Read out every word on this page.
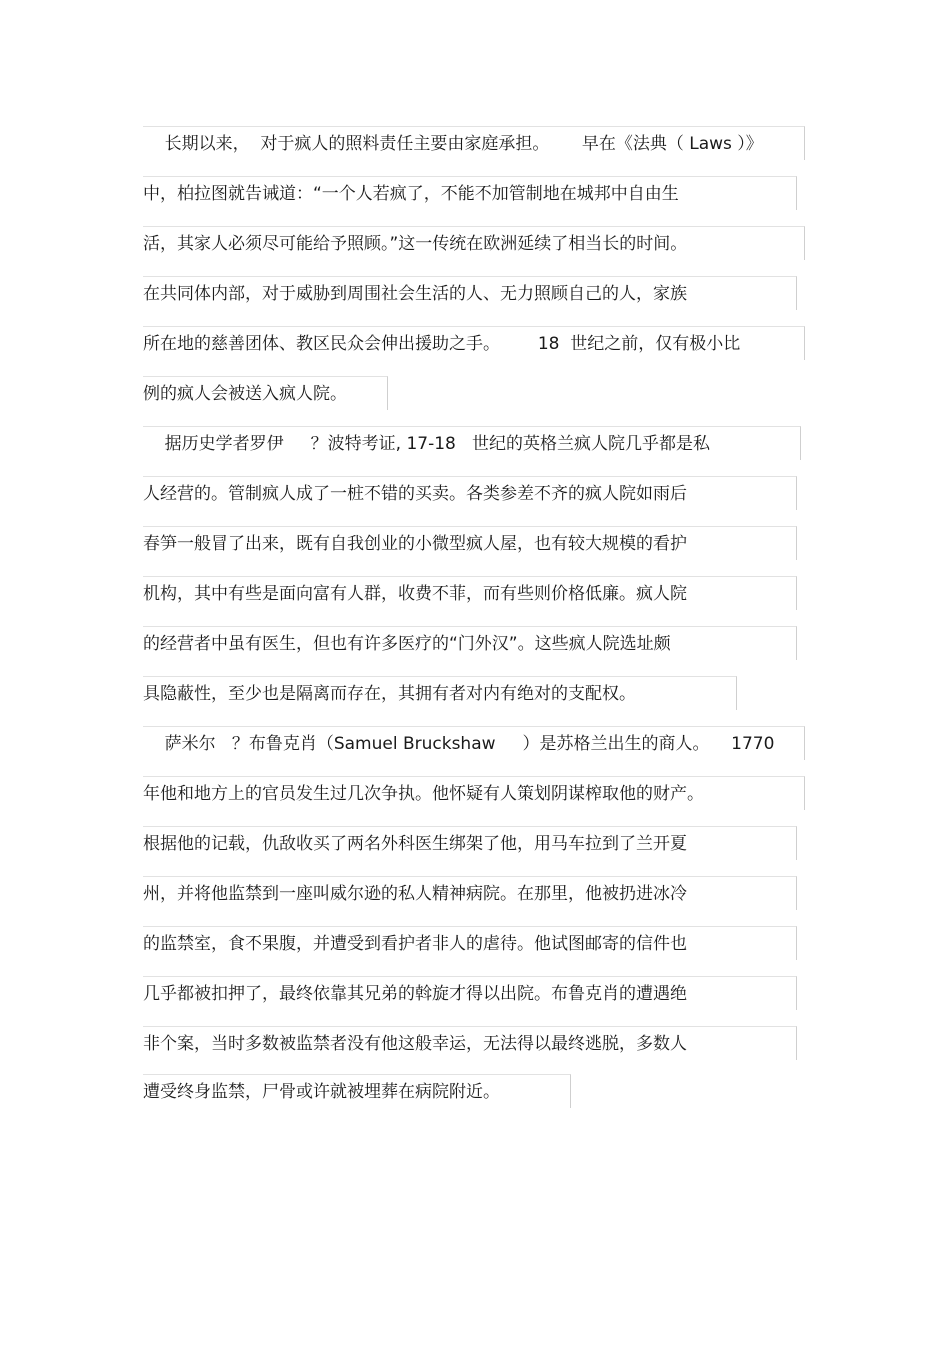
长期以来，  对于疯人的照料责任主要由家庭承担。      早在《法典（ Laws ）》
中，柏拉图就告诫道：“一个人若疯了，不能不加管制地在城邦中自由生
活，其家人必须尽可能给予照顾。”这一传统在欧洲延续了相当长的时间。
在共同体内部，对于威胁到周围社会生活的人、无力照顾自己的人，家族
所在地的慈善团体、教区民众会伸出援助之手。       18  世纪之前，仅有极小比
例的疯人会被送入疯人院。
据历史学者罗伊     ？波特考证, 17-18   世纪的英格兰疯人院几乎都是私
人经营的。管制疯人成了一桩不错的买卖。各类参差不齐的疯人院如雨后
春笋一般冒了出来，既有自我创业的小微型疯人屋，也有较大规模的看护
机构，其中有些是面向富有人群，收费不菲，而有些则价格低廉。疯人院
的经营者中虽有医生，但也有许多医疗的“门外汉”。这些疯人院选址颇
具隐蔽性，至少也是隔离而存在，其拥有者对内有绝对的支配权。
萨米尔   ？布鲁克肖（Samuel Bruckshaw     ）是苏格兰出生的商人。    1770
年他和地方上的官员发生过几次争执。他怀疑有人策划阴谋榨取他的财产。
根据他的记载，仇敌收买了两名外科医生绑架了他，用马车拉到了兰开夏
州，并将他监禁到一座叫威尔逊的私人精神病院。在那里，他被扔进冰冷
的监禁室，食不果腹，并遭受到看护者非人的虐待。他试图邮寄的信件也
几乎都被扣押了，最终依靠其兄弟的斡旋才得以出院。布鲁克肖的遭遇绝
非个案，当时多数被监禁者没有他这般幸运，无法得以最终逃脱，多数人
遭受终身监禁，尸骨或许就被埋葬在病院附近。
